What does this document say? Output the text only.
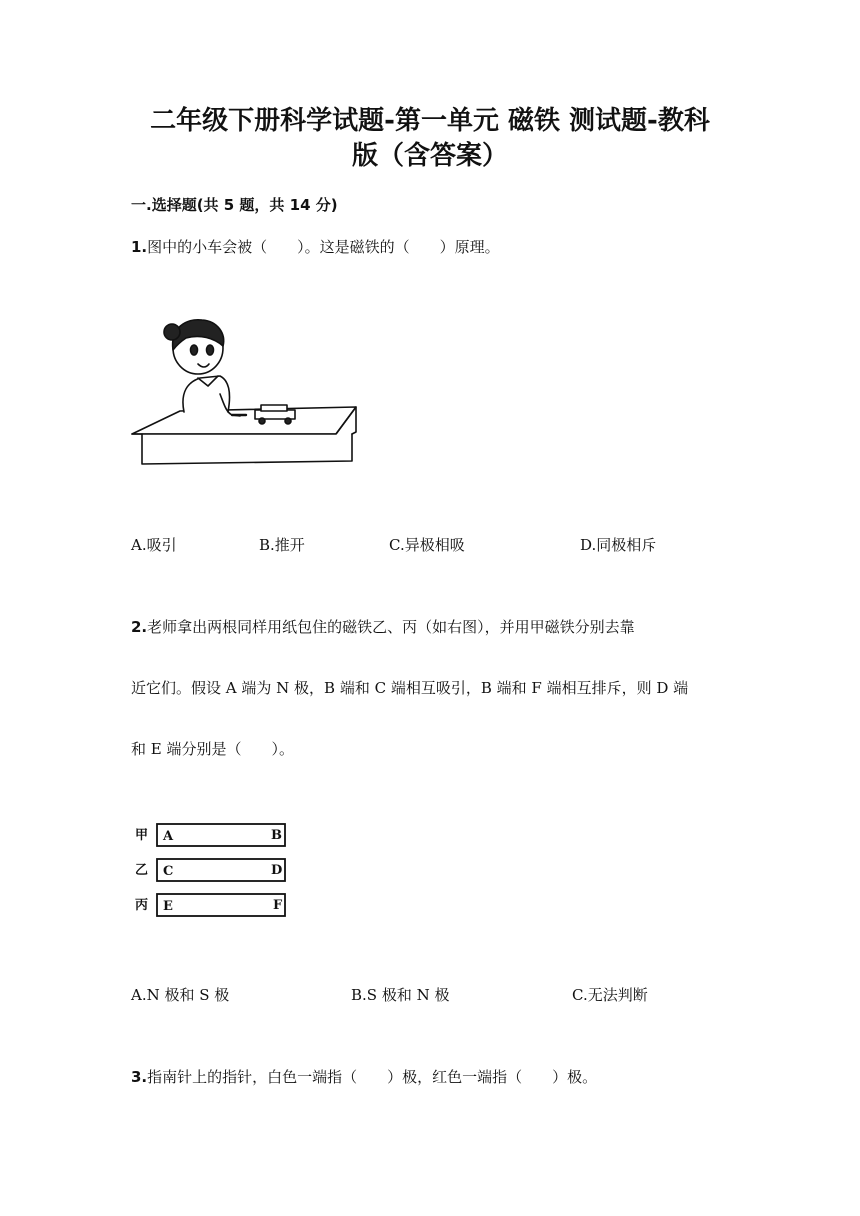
二年级下册科学试题-第一单元 磁铁 测试题-教科
版（含答案）
一.选择题(共 5 题，共 14 分)
1.图中的小车会被（　　）。这是磁铁的（　　）原理。
A.吸引	B.推开	C.异极相吸	D.同极相斥
2.老师拿出两根同样用纸包住的磁铁乙、丙（如右图），并用甲磁铁分别去靠
近它们。假设 A 端为 N 极，B 端和 C 端相互吸引，B 端和 F 端相互排斥，则 D 端
和 E 端分别是（　　）。
甲 A	B
乙 C	D
丙 E	F
A.N 极和 S 极	B.S 极和 N 极	C.无法判断
3.指南针上的指针，白色一端指（　　）极，红色一端指（　　）极。
